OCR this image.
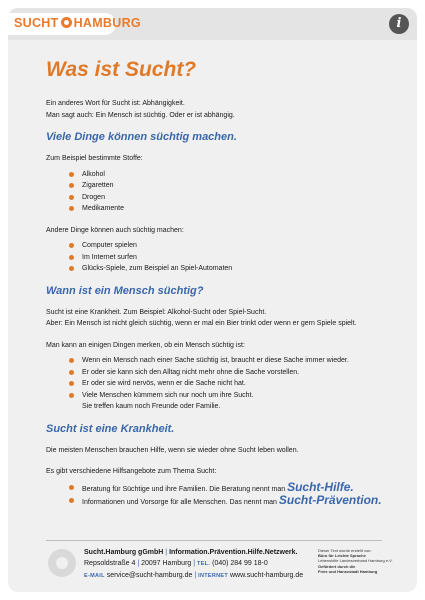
SUCHT HAMBURG	i
Was ist Sucht?

Ein anderes Wort für Sucht ist: Abhängigkeit.

Man sagt auch: Ein Mensch ist süchtig. Oder er ist abhängig.

Viele Dinge können süchtig machen.

Zum Beispiel bestimmte Stoffe:

Alkohol
Zigaretten
Drogen
Medikamente

Andere Dinge können auch süchtig machen:

Computer spielen
Im Internet surfen
Glücks-Spiele, zum Beispiel an Spiel-Automaten
Wann ist ein Mensch süchtig?

Sucht ist eine Krankheit. Zum Beispiel: Alkohol-Sucht oder Spiel-Sucht.

Aber: Ein Mensch ist nicht gleich süchtig, wenn er mal ein Bier trinkt oder wenn er gern Spiele spielt.

Man kann an einigen Dingen merken, ob ein Mensch süchtig ist:

Wenn ein Mensch nach einer Sache süchtig ist, braucht er diese Sache immer wieder.
Er oder sie kann sich den Alltag nicht mehr ohne die Sache vorstellen.
Er oder sie wird nervös, wenn er die Sache nicht hat.
Viele Menschen kümmern sich nur noch um ihre Sucht.
Sie treffen kaum noch Freunde oder Familie.
Sucht ist eine Krankheit.

Die meisten Menschen brauchen Hilfe, wenn sie wieder ohne Sucht leben wollen.

Es gibt verschiedene Hilfsangebote zum Thema Sucht:

Beratung für Süchtige und ihre Familien. Die Beratung nennt man Sucht-Hilfe.
Informationen und Vorsorge für alle Menschen. Das nennt man Sucht-Prävention.
Sucht.Hamburg gGmbH | Information.Prävention.Hilfe.Netzwerk.
Repsoldstraße 4 | 20097 Hamburg | TEL. (040) 284 99 18-0
E-MAIL service@sucht-hamburg.de | INTERNET www.sucht-hamburg.de
Dieser Text wurde erstellt von:
Büro für Leichte Sprache
Lebenshilfe Landesverband Hamburg e.V.
Gefördert durch die
Freie und Hansestadt Hamburg
